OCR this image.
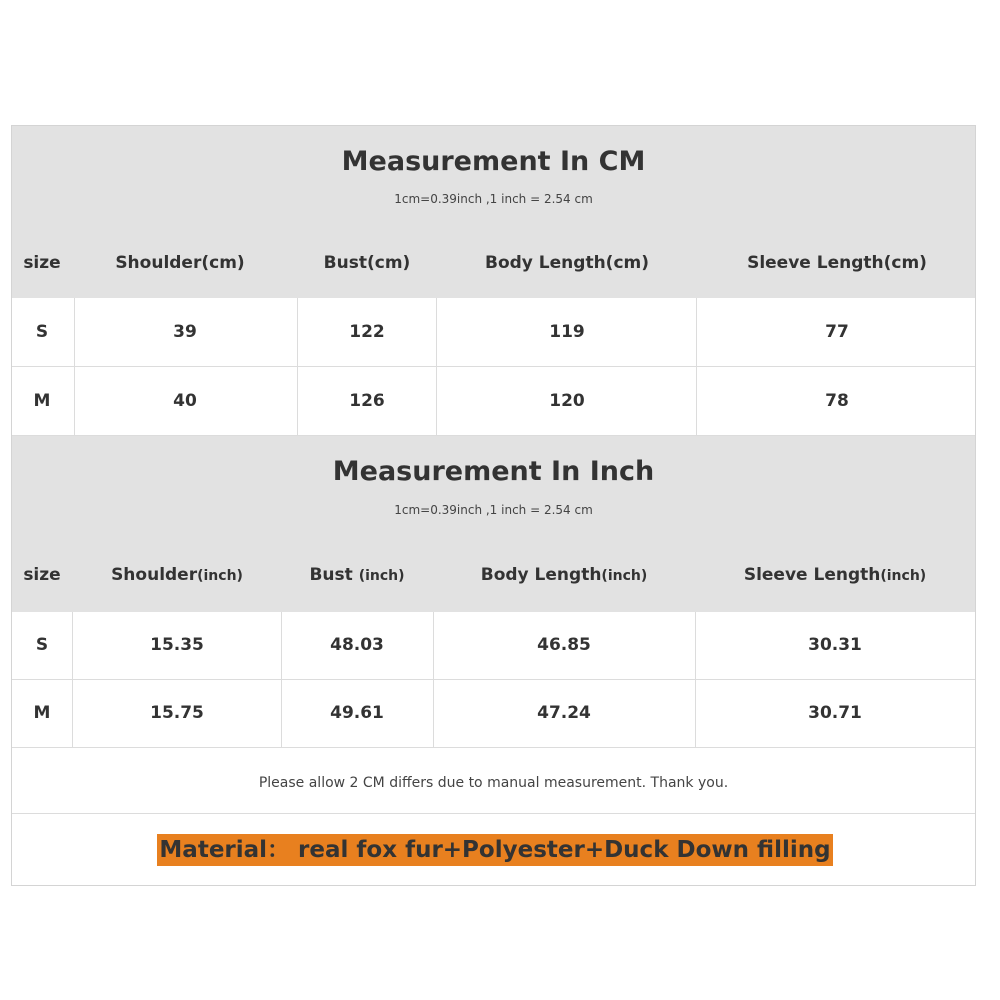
Measurement In CM
1cm=0.39inch ,1 inch = 2.54 cm
size	Shoulder(cm)	Bust(cm)	Body Length(cm)	Sleeve Length(cm)
S	39	122	119	77
M	40	126	120	78
Measurement In Inch
1cm=0.39inch ,1 inch = 2.54 cm
size	Shoulder(inch)	Bust (inch)	Body Length(inch)	Sleeve Length(inch)
S	15.35	48.03	46.85	30.31
M	15.75	49.61	47.24	30.71
Please allow 2 CM differs due to manual measurement. Thank you.
Material： real fox fur+Polyester+Duck Down filling
